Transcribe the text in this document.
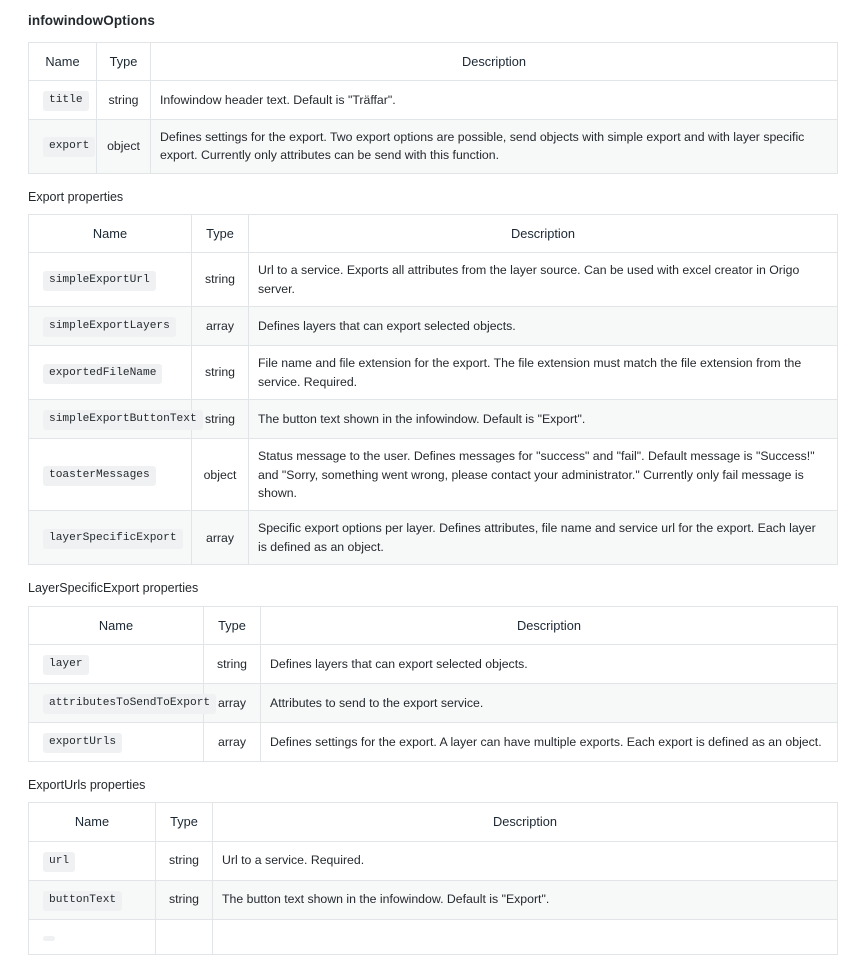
infowindowOptions
Name	Type	Description
title	string	Infowindow header text. Default is "Träffar".
export	object	Defines settings for the export. Two export options are possible, send objects with simple export and with layer specific export. Currently only attributes can be send with this function.
Export properties
Name	Type	Description
simpleExportUrl	string	Url to a service. Exports all attributes from the layer source. Can be used with excel creator in Origo server.
simpleExportLayers	array	Defines layers that can export selected objects.
exportedFileName	string	File name and file extension for the export. The file extension must match the file extension from the service. Required.
simpleExportButtonText	string	The button text shown in the infowindow. Default is "Export".
toasterMessages	object	Status message to the user. Defines messages for "success" and "fail". Default message is "Success!" and "Sorry, something went wrong, please contact your administrator." Currently only fail message is shown.
layerSpecificExport	array	Specific export options per layer. Defines attributes, file name and service url for the export. Each layer is defined as an object.
LayerSpecificExport properties
Name	Type	Description
layer	string	Defines layers that can export selected objects.
attributesToSendToExport	array	Attributes to send to the export service.
exportUrls	array	Defines settings for the export. A layer can have multiple exports. Each export is defined as an object.
ExportUrls properties
Name	Type	Description
url	string	Url to a service. Required.
buttonText	string	The button text shown in the infowindow. Default is "Export".
